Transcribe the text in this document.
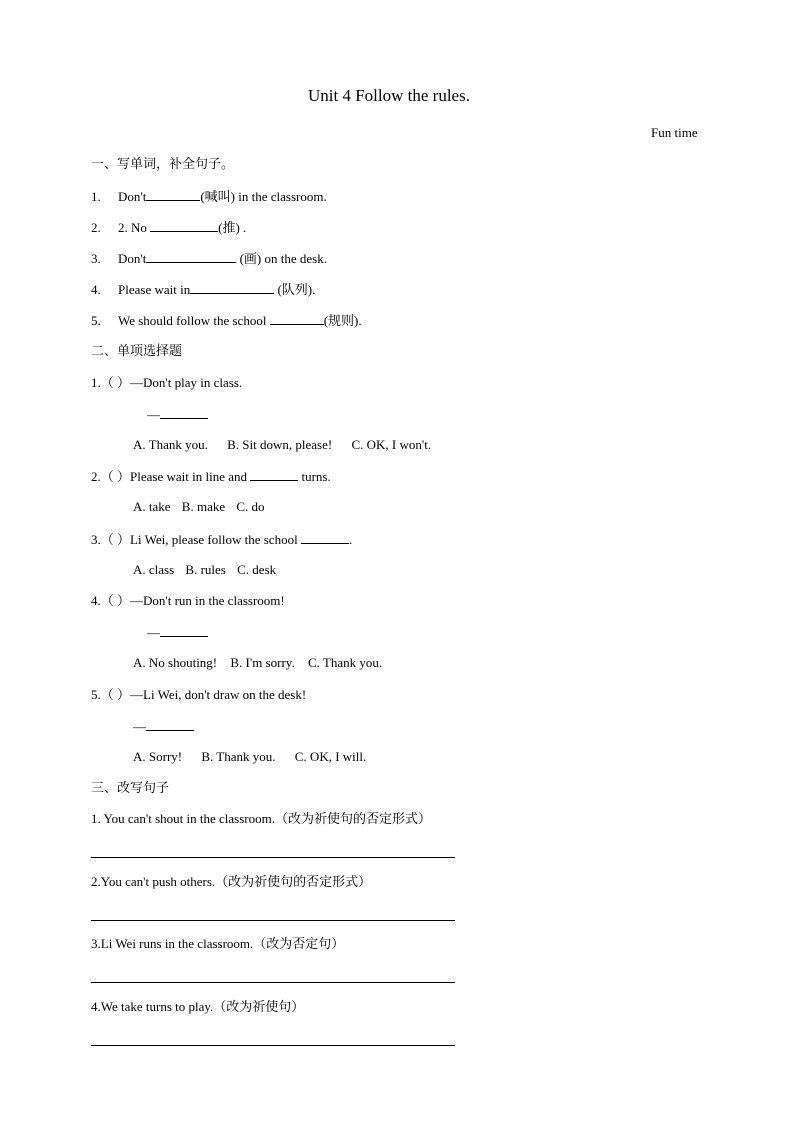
Unit 4 Follow the rules.
Fun time
一、写单词，补全句子。
1. Don't	(喊叫) in the classroom.
2. 2. No	(推) .
3. Don't	(画) on the desk.
4. Please wait in	(队列).
5. We should follow the school	(规则).
二、单项选择题
1.（ ）—Don't play in class.
—
A. Thank you. B. Sit down, please! C. OK, I won't.
2.（ ）Please wait in line and	turns.
A. take B. make C. do
3.（ ）Li Wei, please follow the school	.
A. class B. rules C. desk
4.（ ）—Don't run in the classroom!
—
A. No shouting! B. I'm sorry. C. Thank you.
5.（ ）—Li Wei, don't draw on the desk!
—
A. Sorry! B. Thank you. C. OK, I will.
三、改写句子
1. You can't shout in the classroom.（改为祈使句的否定形式）
2.You can't push others.（改为祈使句的否定形式）
3.Li Wei runs in the classroom.（改为否定句）
4.We take turns to play.（改为祈使句）
